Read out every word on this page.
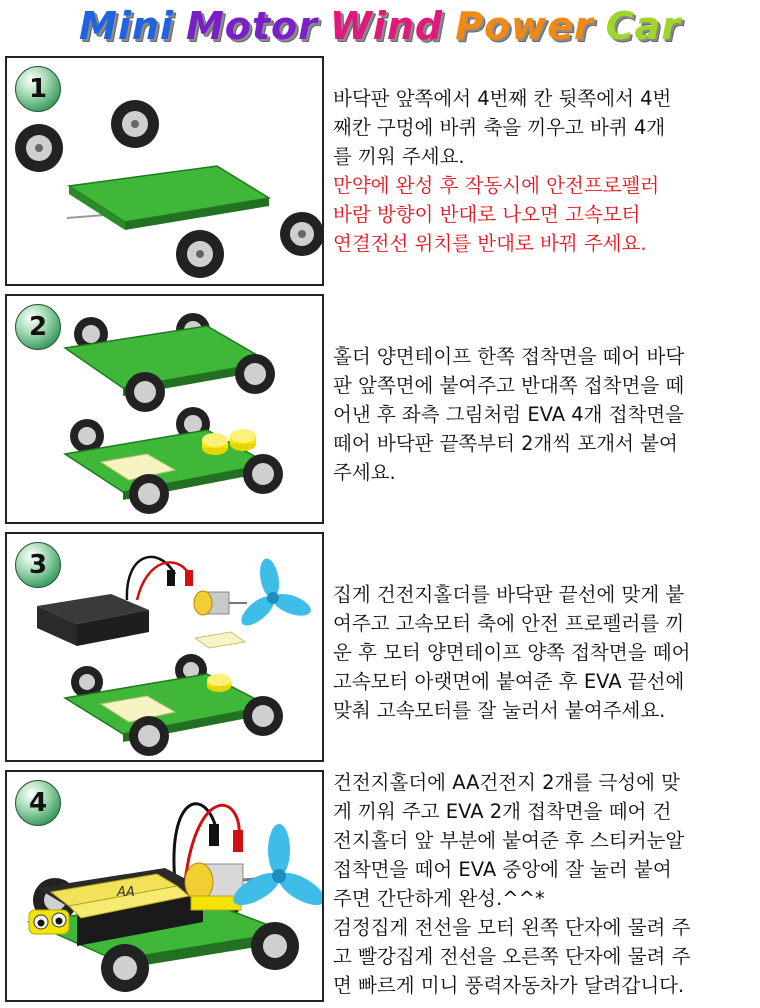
Mini Motor Wind Power Car
1	바닥판 앞쪽에서 4번째 칸 뒷쪽에서 4번

째칸 구멍에 바퀴 축을 끼우고 바퀴 4개

를 끼워 주세요.

만약에 완성 후 작동시에 안전프로펠러

바람 방향이 반대로 나오면 고속모터

연결전선 위치를 반대로 바꿔 주세요.

2

홀더 양면테이프 한쪽 접착면을 떼어 바닥

판 앞쪽면에 붙여주고 반대쪽 접착면을 떼

어낸 후 좌측 그림처럼 EVA 4개 접착면을

떼어 바닥판 끝쪽부터 2개씩 포개서 붙여

주세요.

3

집게 건전지홀더를 바닥판 끝선에 맞게 붙

여주고 고속모터 축에 안전 프로펠러를 끼

운 후 모터 양면테이프 양쪽 접착면을 떼어

고속모터 아랫면에 붙여준 후 EVA 끝선에

맞춰 고속모터를 잘 눌러서 붙여주세요.

4
AA

건전지홀더에 AA건전지 2개를 극성에 맞

게 끼워 주고 EVA 2개 접착면을 떼어 건

전지홀더 앞 부분에 붙여준 후 스티커눈알

접착면을 떼어 EVA 중앙에 잘 눌러 붙여

주면 간단하게 완성.^^*

검정집게 전선을 모터 왼쪽 단자에 물려 주

고 빨강집게 전선을 오른쪽 단자에 물려 주

면 빠르게 미니 풍력자동차가 달려갑니다.
